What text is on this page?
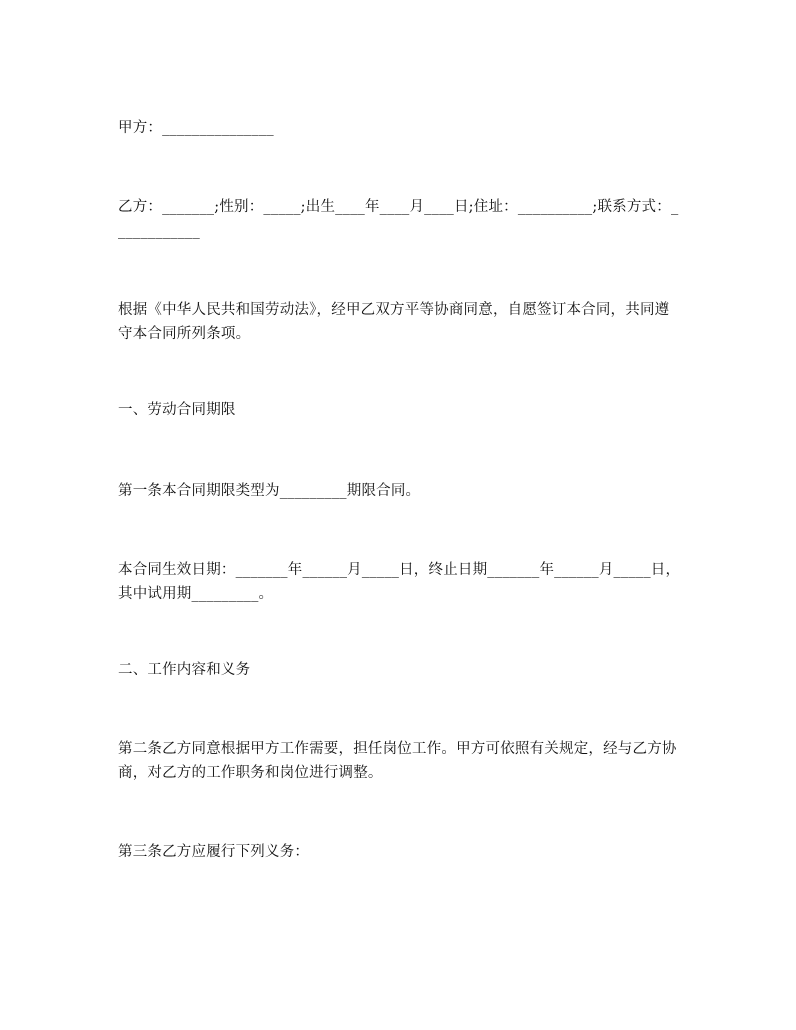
甲方：_______________
乙方：_______;性别：_____;出生____年____月____日;住址：__________;联系方式：____________
根据《中华人民共和国劳动法》，经甲乙双方平等协商同意，自愿签订本合同，共同遵守本合同所列条项。
一、劳动合同期限
第一条本合同期限类型为_________期限合同。
本合同生效日期：_______年______月_____日，终止日期_______年______月_____日，其中试用期_________。
二、工作内容和义务
第二条乙方同意根据甲方工作需要，担任岗位工作。甲方可依照有关规定，经与乙方协商，对乙方的工作职务和岗位进行调整。
第三条乙方应履行下列义务：
